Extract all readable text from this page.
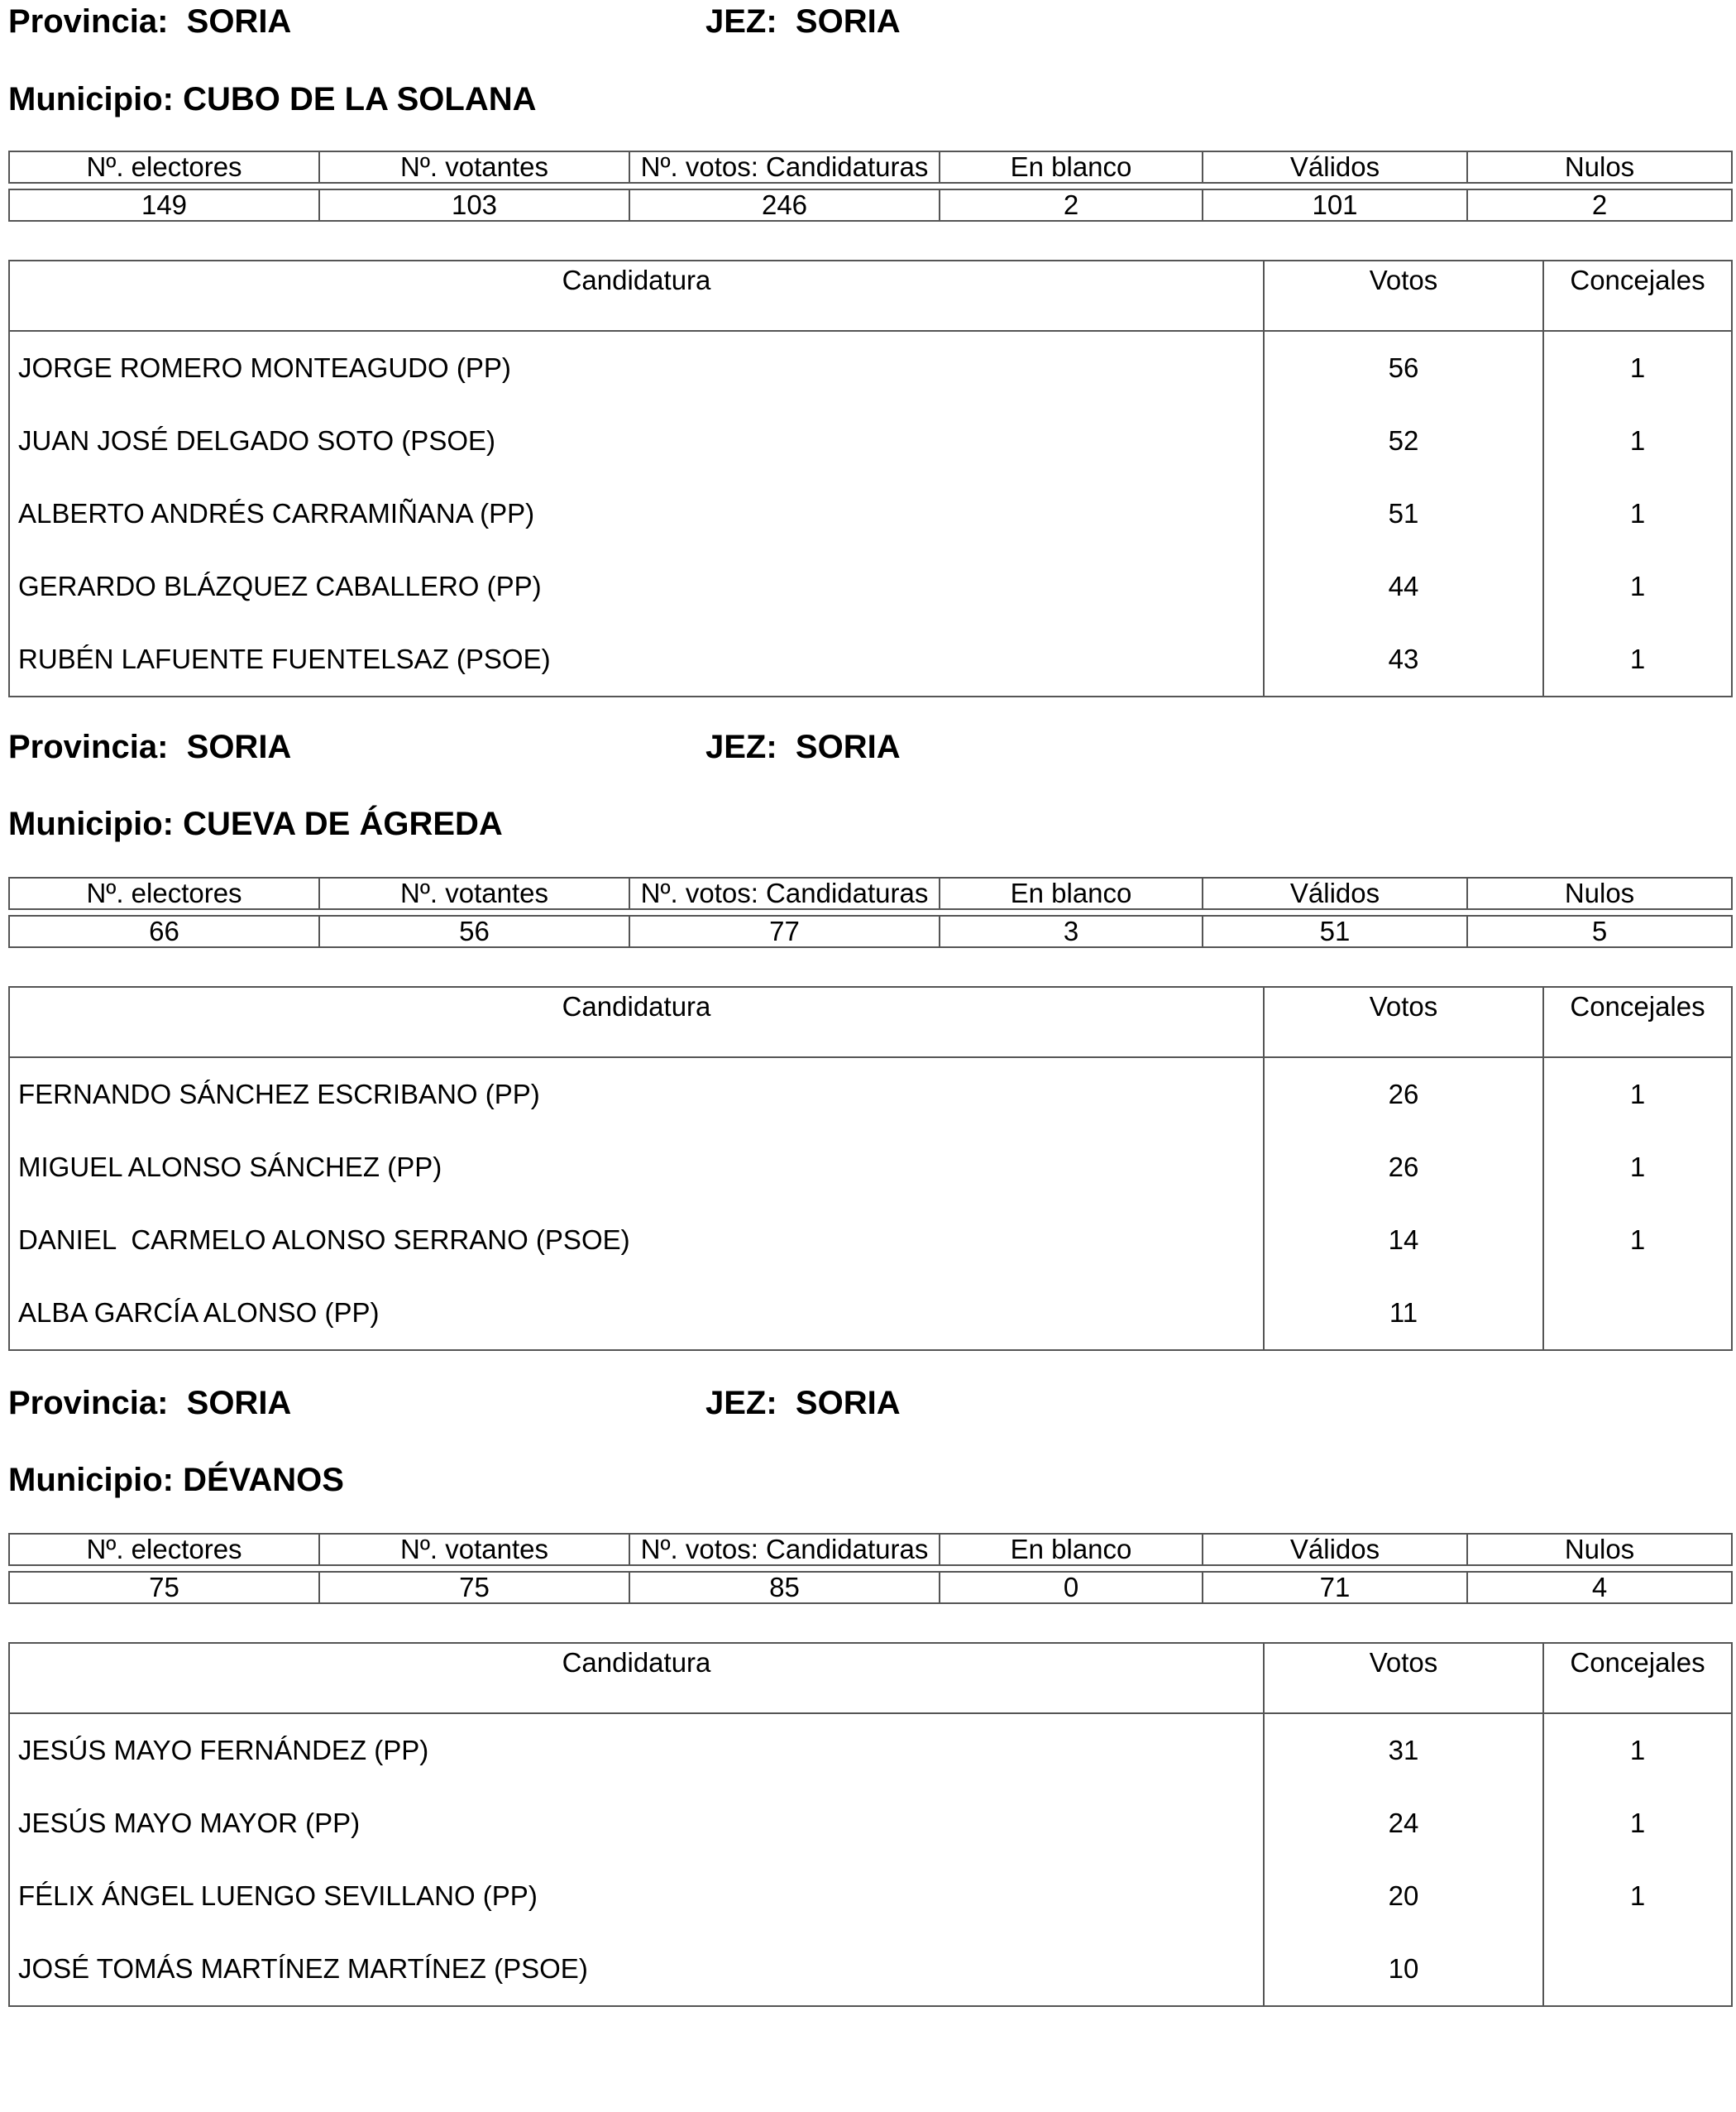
Provincia: SORIA	JEZ: SORIA
Municipio: CUBO DE LA SOLANA
Nº. electores	Nº. votantes	Nº. votos: Candidaturas	En blanco	Válidos	Nulos

149	103	246	2	101	2
Candidatura	Votos	Concejales
JORGE ROMERO MONTEAGUDO (PP)	56	1
JUAN JOSÉ DELGADO SOTO (PSOE)	52	1
ALBERTO ANDRÉS CARRAMIÑANA (PP)	51	1
GERARDO BLÁZQUEZ CABALLERO (PP)	44	1
RUBÉN LAFUENTE FUENTELSAZ (PSOE)	43	1
Provincia: SORIA	JEZ: SORIA
Municipio: CUEVA DE ÁGREDA
Nº. electores	Nº. votantes	Nº. votos: Candidaturas	En blanco	Válidos	Nulos

66	56	77	3	51	5
Candidatura	Votos	Concejales
FERNANDO SÁNCHEZ ESCRIBANO (PP)	26	1
MIGUEL ALONSO SÁNCHEZ (PP)	26	1
DANIEL  CARMELO ALONSO SERRANO (PSOE)	14	1
ALBA GARCÍA ALONSO (PP)	11	
Provincia: SORIA	JEZ: SORIA
Municipio: DÉVANOS
Nº. electores	Nº. votantes	Nº. votos: Candidaturas	En blanco	Válidos	Nulos

75	75	85	0	71	4
Candidatura	Votos	Concejales
JESÚS MAYO FERNÁNDEZ (PP)	31	1
JESÚS MAYO MAYOR (PP)	24	1
FÉLIX ÁNGEL LUENGO SEVILLANO (PP)	20	1
JOSÉ TOMÁS MARTÍNEZ MARTÍNEZ (PSOE)	10	
